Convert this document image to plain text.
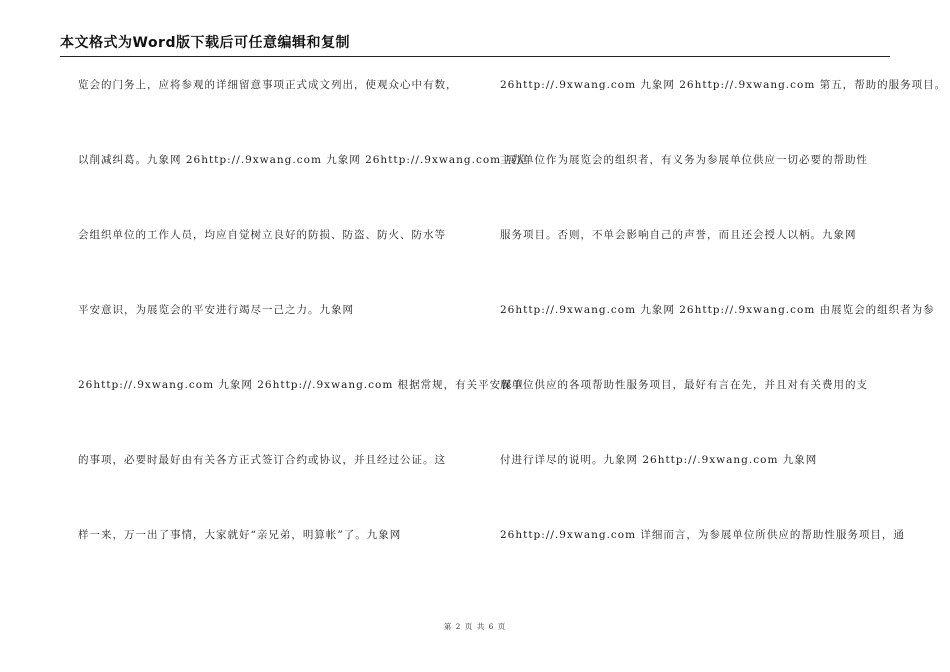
本文格式为Word版下载后可任意编辑和复制
览会的门务上，应将参观的详细留意事项正式成文列出，使观众心中有数，
以削减纠葛。九象网 26http://.9xwang.com 九象网 26http://.9xwang.com 展览
会组织单位的工作人员，均应自觉树立良好的防损、防盗、防火、防水等
平安意识，为展览会的平安进行竭尽一己之力。九象网
26http://.9xwang.com 九象网 26http://.9xwang.com 根据常规，有关平安保卫
的事项，必要时最好由有关各方正式签订合约或协议，并且经过公证。这
样一来，万一出了事情，大家就好“亲兄弟，明算帐”了。九象网
26http://.9xwang.com 九象网 26http://.9xwang.com 第五，帮助的服务项目。
主办单位作为展览会的组织者，有义务为参展单位供应一切必要的帮助性
服务项目。否则，不单会影响自己的声誉，而且还会授人以柄。九象网
26http://.9xwang.com 九象网 26http://.9xwang.com 由展览会的组织者为参
展单位供应的各项帮助性服务项目，最好有言在先，并且对有关费用的支
付进行详尽的说明。九象网 26http://.9xwang.com 九象网
26http://.9xwang.com 详细而言，为参展单位所供应的帮助性服务项目，通
第 2 页 共 6 页
